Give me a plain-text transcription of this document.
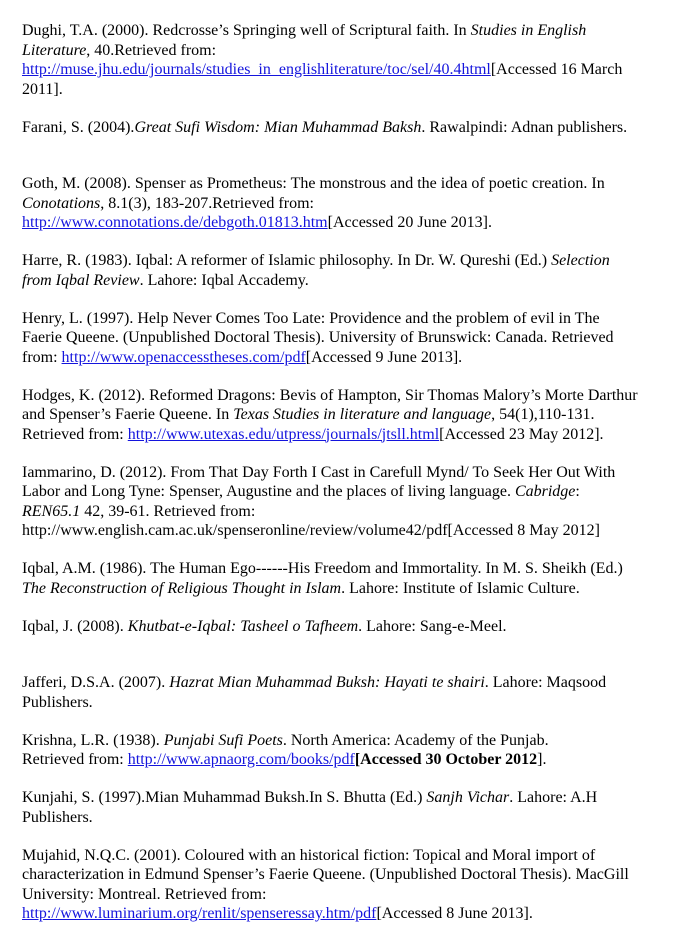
Dughi, T.A. (2000). Redcrosse’s Springing well of Scriptural faith. In Studies in English
Literature, 40.Retrieved from:
http://muse.jhu.edu/journals/studies_in_englishliterature/toc/sel/40.4html[Accessed 16 March
2011].
Farani, S. (2004).Great Sufi Wisdom: Mian Muhammad Baksh. Rawalpindi: Adnan publishers.
Goth, M. (2008). Spenser as Prometheus: The monstrous and the idea of poetic creation. In
Conotations, 8.1(3), 183-207.Retrieved from:
http://www.connotations.de/debgoth.01813.htm[Accessed 20 June 2013].
Harre, R. (1983). Iqbal: A reformer of Islamic philosophy. In Dr. W. Qureshi (Ed.) Selection
from Iqbal Review. Lahore: Iqbal Accademy.
Henry, L. (1997). Help Never Comes Too Late: Providence and the problem of evil in The
Faerie Queene. (Unpublished Doctoral Thesis). University of Brunswick: Canada. Retrieved
from: http://www.openaccesstheses.com/pdf[Accessed 9 June 2013].
Hodges, K. (2012). Reformed Dragons: Bevis of Hampton, Sir Thomas Malory’s Morte Darthur
and Spenser’s Faerie Queene. In Texas Studies in literature and language, 54(1),110-131.
Retrieved from: http://www.utexas.edu/utpress/journals/jtsll.html[Accessed 23 May 2012].
Iammarino, D. (2012). From That Day Forth I Cast in Carefull Mynd/ To Seek Her Out With
Labor and Long Tyne: Spenser, Augustine and the places of living language. Cabridge:
REN65.1 42, 39-61. Retrieved from:
http://www.english.cam.ac.uk/spenseronline/review/volume42/pdf[Accessed 8 May 2012]
Iqbal, A.M. (1986). The Human Ego------His Freedom and Immortality. In M. S. Sheikh (Ed.)
The Reconstruction of Religious Thought in Islam. Lahore: Institute of Islamic Culture.
Iqbal, J. (2008). Khutbat-e-Iqbal: Tasheel o Tafheem. Lahore: Sang-e-Meel.
Jafferi, D.S.A. (2007). Hazrat Mian Muhammad Buksh: Hayati te shairi. Lahore: Maqsood
Publishers.
Krishna, L.R. (1938). Punjabi Sufi Poets. North America: Academy of the Punjab.
Retrieved from: http://www.apnaorg.com/books/pdf[Accessed 30 October 2012].
Kunjahi, S. (1997).Mian Muhammad Buksh.In S. Bhutta (Ed.) Sanjh Vichar. Lahore: A.H
Publishers.
Mujahid, N.Q.C. (2001). Coloured with an historical fiction: Topical and Moral import of
characterization in Edmund Spenser’s Faerie Queene. (Unpublished Doctoral Thesis). MacGill
University: Montreal. Retrieved from:
http://www.luminarium.org/renlit/spenseressay.htm/pdf[Accessed 8 June 2013].
